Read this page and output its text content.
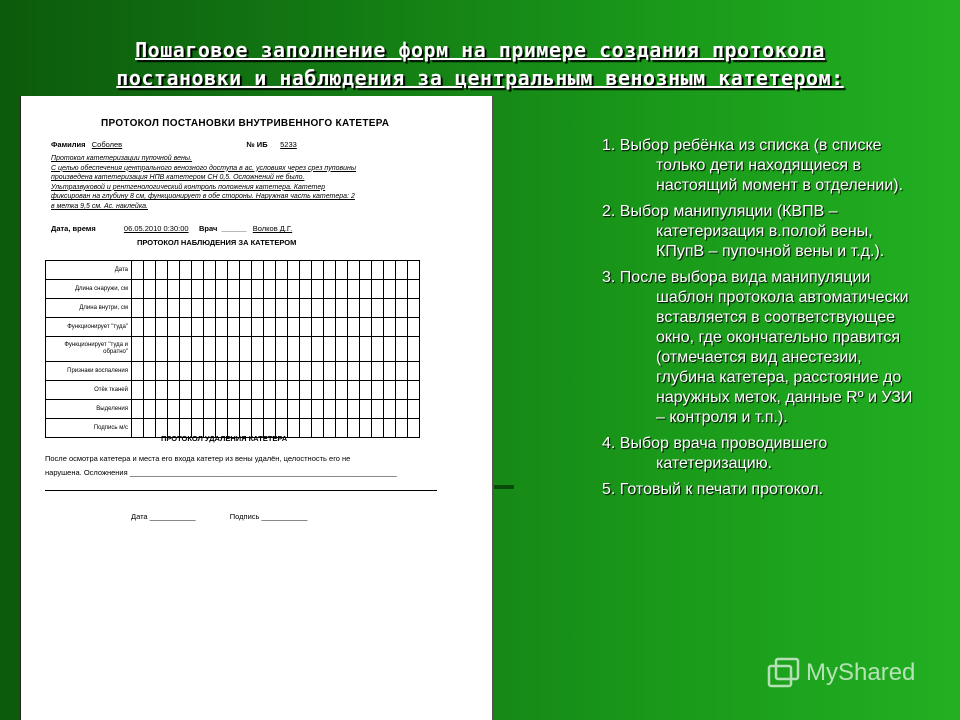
Пошаговое заполнение форм на примере создания протокола
постановки и наблюдения за центральным венозным катетером:
ПРОТОКОЛ ПОСТАНОВКИ ВНУТРИВЕННОГО КАТЕТЕРА
Фамилия Соболев	№ ИБ 5233
Протокол катетеризации пупочной вены.
С целью обеспечения центрального венозного доступа в ас. условиях через срез пуповины
произведена катетеризация НПВ катетером СН 0,5. Осложнений не было.
Ультразвуковой и рентгенологический контроль положения катетера. Катетер
фиксирован на глубину 8 см, функционирует в обе стороны. Наружная часть катетера: 2
в метка 9,5 см. Ас. наклейка.
Дата, время	06.05.2010 0:30:00 Врач  ______   Волков Д.Г.
ПРОТОКОЛ НАБЛЮДЕНИЯ ЗА КАТЕТЕРОМ
Дата																								
Длина снаружи, см																								
Длина внутри, см																								
Функционирует "туда"																								
Функционирует "туда и обратно"																								
Признаки воспаления																								
Отёк тканей																								
Выделения																								
Подпись м/с																								
ПРОТОКОЛ УДАЛЕНИЯ КАТЕТЕРА
После осмотра катетера и места его входа катетер из вены удалён, целостность его не
нарушена. Осложнения ________________________________________________________________
Дата ___________	Подпись ___________
1. Выбор ребёнка из списка (в списке только дети находящиеся в настоящий момент в отделении).
2. Выбор манипуляции (КВПВ – катетеризация в.полой вены, КПупВ – пупочной вены и т.д.).
3. После выбора вида манипуляции шаблон протокола автоматически вставляется в соответствующее окно, где окончательно правится (отмечается вид анестезии, глубина катетера, расстояние до наружных меток, данные Rº и УЗИ – контроля и т.п.).
4. Выбор врача проводившего катетеризацию.
5. Готовый к печати протокол.
MyShared
